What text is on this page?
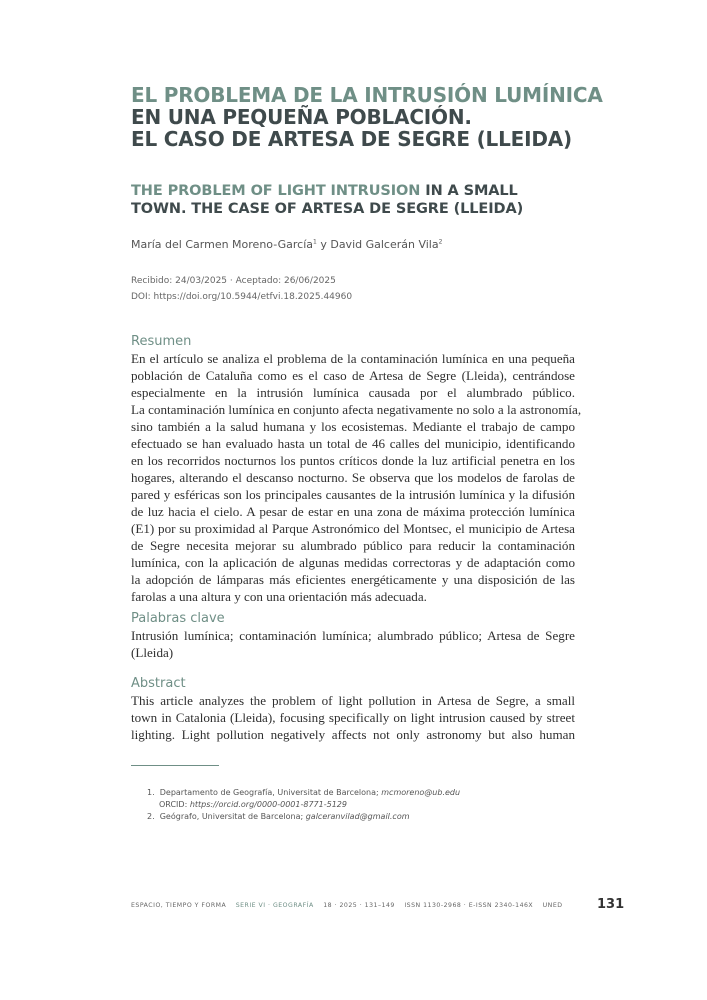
EL PROBLEMA DE LA INTRUSIÓN LUMÍNICA
EN UNA PEQUEÑA POBLACIÓN.
EL CASO DE ARTESA DE SEGRE (LLEIDA)
THE PROBLEM OF LIGHT INTRUSION IN A SMALL
TOWN. THE CASE OF ARTESA DE SEGRE (LLEIDA)
María del Carmen Moreno-García$^1$ y David Galcerán Vila$^2$
Recibido: 24/03/2025 · Aceptado: 26/06/2025
DOI: https://doi.org/10.5944/etfvi.18.2025.44960
Resumen
En el artículo se analiza el problema de la contaminación lumínica en una pequeña
población de Cataluña como es el caso de Artesa de Segre (Lleida), centrándose
especialmente en la intrusión lumínica causada por el alumbrado público.
La contaminación lumínica en conjunto afecta negativamente no solo a la astronomía,
sino también a la salud humana y los ecosistemas. Mediante el trabajo de campo
efectuado se han evaluado hasta un total de 46 calles del municipio, identificando
en los recorridos nocturnos los puntos críticos donde la luz artificial penetra en los
hogares, alterando el descanso nocturno. Se observa que los modelos de farolas de
pared y esféricas son los principales causantes de la intrusión lumínica y la difusión
de luz hacia el cielo. A pesar de estar en una zona de máxima protección lumínica
(E1) por su proximidad al Parque Astronómico del Montsec, el municipio de Artesa
de Segre necesita mejorar su alumbrado público para reducir la contaminación
lumínica, con la aplicación de algunas medidas correctoras y de adaptación como
la adopción de lámparas más eficientes energéticamente y una disposición de las
farolas a una altura y con una orientación más adecuada.
Palabras clave
Intrusión lumínica; contaminación lumínica; alumbrado público; Artesa de Segre
(Lleida)
Abstract
This article analyzes the problem of light pollution in Artesa de Segre, a small
town in Catalonia (Lleida), focusing specifically on light intrusion caused by street
lighting. Light pollution negatively affects not only astronomy but also human
1. Departamento de Geografía, Universitat de Barcelona; mcmoreno@ub.edu
ORCID: https://orcid.org/0000-0001-8771-5129
2. Geógrafo, Universitat de Barcelona; galceranvilad@gmail.com
ESPACIO, TIEMPO Y FORMA SERIE VI · GEOGRAFÍA 18 · 2025 · 131–149 ISSN 1130-2968 · E-ISSN 2340-146X UNED	131
